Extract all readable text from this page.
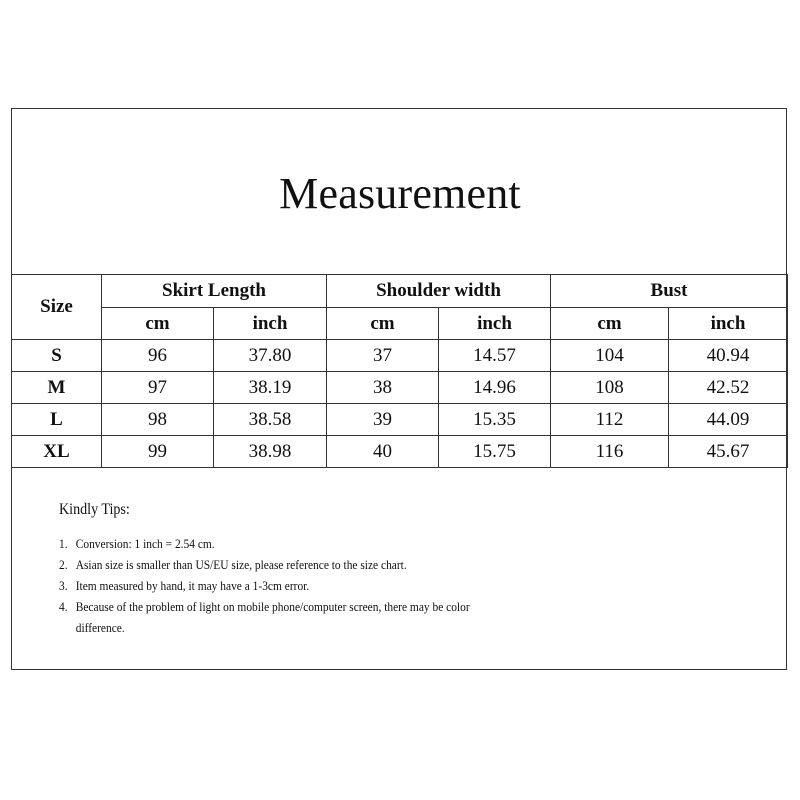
Measurement
Size	Skirt Length		Shoulder width		Bust	
	cm	inch	cm	inch	cm	inch
S	96	37.80	37	14.57	104	40.94
M	97	38.19	38	14.96	108	42.52
L	98	38.58	39	15.35	112	44.09
XL	99	38.98	40	15.75	116	45.67
Kindly Tips:
1. Conversion: 1 inch = 2.54 cm.
2. Asian size is smaller than US/EU size, please reference to the size chart.
3. Item measured by hand, it may have a 1-3cm error.
4. Because of the problem of light on mobile phone/computer screen, there may be color difference.
